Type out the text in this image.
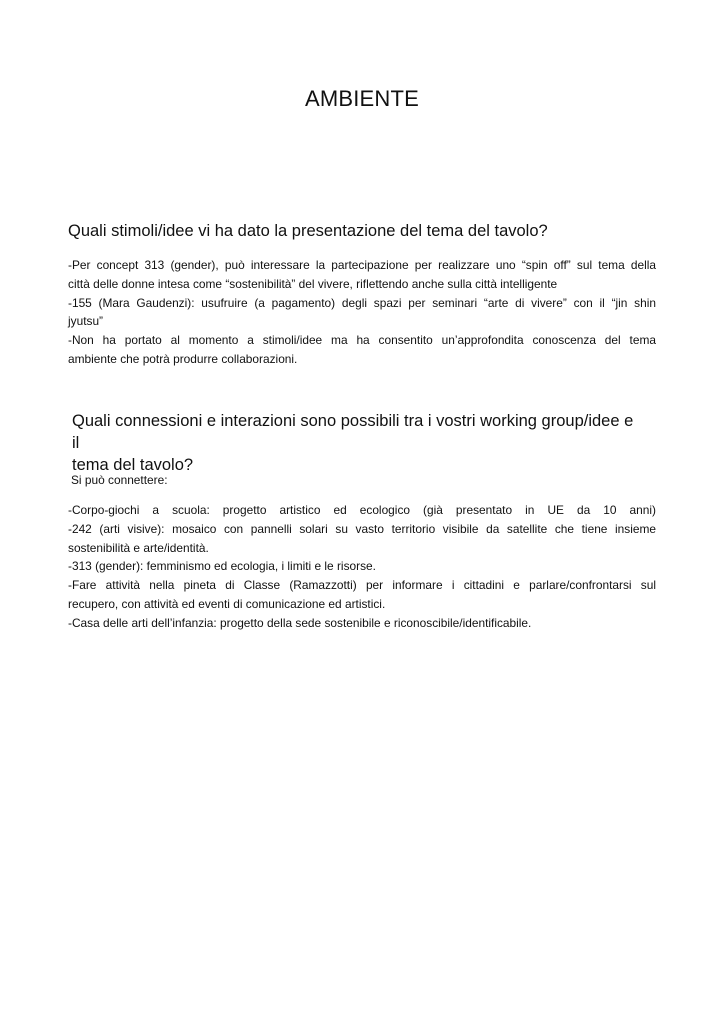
AMBIENTE
Quali stimoli/idee vi ha dato la presentazione del tema del tavolo?
-Per concept 313 (gender), può interessare la partecipazione per realizzare uno “spin off” sul tema della
città delle donne intesa come “sostenibilità” del vivere, riflettendo anche sulla città intelligente
-155 (Mara Gaudenzi): usufruire (a pagamento) degli spazi per seminari “arte di vivere” con il “jin shin
jyutsu”
-Non ha portato al momento a stimoli/idee ma ha consentito un’approfondita conoscenza del tema
ambiente che potrà produrre collaborazioni.
Quali connessioni e interazioni sono possibili tra i vostri working group/idee e il
tema del tavolo?

Si può connettere:

-Corpo-giochi a scuola: progetto artistico ed ecologico (già presentato in UE da 10 anni)
-242 (arti visive): mosaico con pannelli solari su vasto territorio visibile da satellite che tiene insieme
sostenibilità e arte/identità.
-313 (gender): femminismo ed ecologia, i limiti e le risorse.
-Fare attività nella pineta di Classe (Ramazzotti) per informare i cittadini e parlare/confrontarsi sul
recupero, con attività ed eventi di comunicazione ed artistici.
-Casa delle arti dell’infanzia: progetto della sede sostenibile e riconoscibile/identificabile.
